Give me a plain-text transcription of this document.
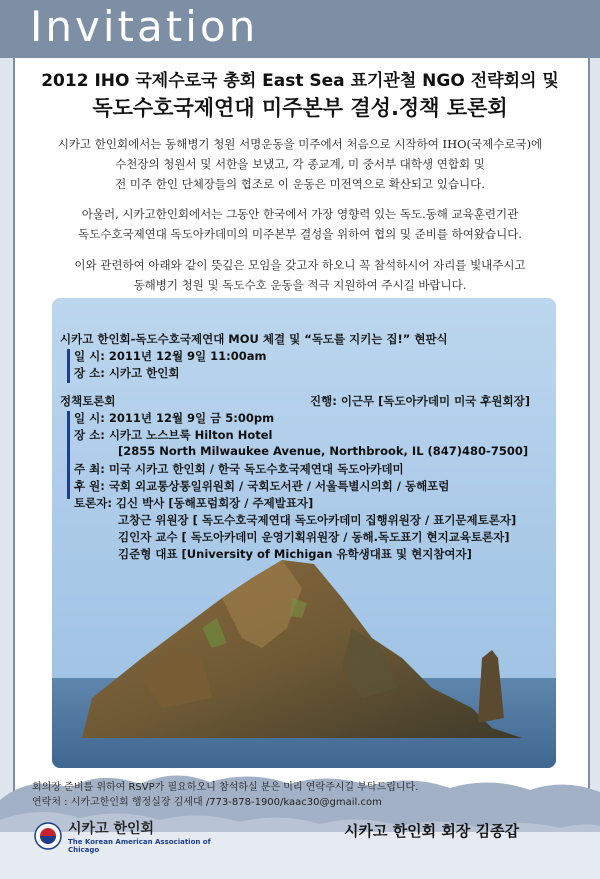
Invitation
2012 IHO 국제수로국 총회 East Sea 표기관철 NGO 전략회의 및
독도수호국제연대 미주본부 결성.정책 토론회
시카고 한인회에서는 동해병기 청원 서명운동을 미주에서 처음으로 시작하여 IHO(국제수로국)에
수천장의 청원서 및 서한을 보냈고, 각 종교계, 미 중서부 대학생 연합회 및
전 미주 한인 단체장들의 협조로 이 운동은 미전역으로 확산되고 있습니다.
아울러, 시카고한인회에서는 그동안 한국에서 가장 영향력 있는 독도.동해 교육훈련기관
독도수호국제연대 독도아카데미의 미주본부 결성을 위하여 협의 및 준비를 하여왔습니다.
이와 관련하여 아래와 같이 뜻깊은 모임을 갖고자 하오니 꼭 참석하시어 자리를 빛내주시고
동해병기 청원 및 독도수호 운동을 적극 지원하여 주시길 바랍니다.
시카고 한인회-독도수호국제연대 MOU 체결 및 “독도를 지키는 집!” 현판식
일 시: 2011년 12월 9일 11:00am
장 소: 시카고 한인회
정책토론회	진행: 이근무 [독도아카데미 미국 후원회장]
일 시: 2011년 12월 9일 금 5:00pm
장 소: 시카고 노스브룩 Hilton Hotel
[2855 North Milwaukee Avenue, Northbrook, IL (847)480-7500]
주 최: 미국 시카고 한인회 / 한국 독도수호국제연대 독도아카데미
후 원: 국회 외교통상통일위원회 / 국회도서관 / 서울특별시의회 / 동해포럼
토론자: 김신 박사 [동해포럼회장 / 주제발표자]
고창근 위원장 [ 독도수호국제연대 독도아카데미 집행위원장 / 표기문제토론자]
김인자 교수 [ 독도아카데미 운영기획위원장 / 동해.독도표기 현지교육토론자]
김준형 대표 [University of Michigan 유학생대표 및 현지참여자]
회의장 준비를 위하여 RSVP가 필요하오니 참석하실 분은 미리 연락주시길 부탁드립니다.
연락처 : 시카고한인회 행정실장 김세대 /773-878-1900/kaac30@gmail.com
시카고 한인회
The Korean American Association of Chicago
시카고 한인회 회장 김종갑
